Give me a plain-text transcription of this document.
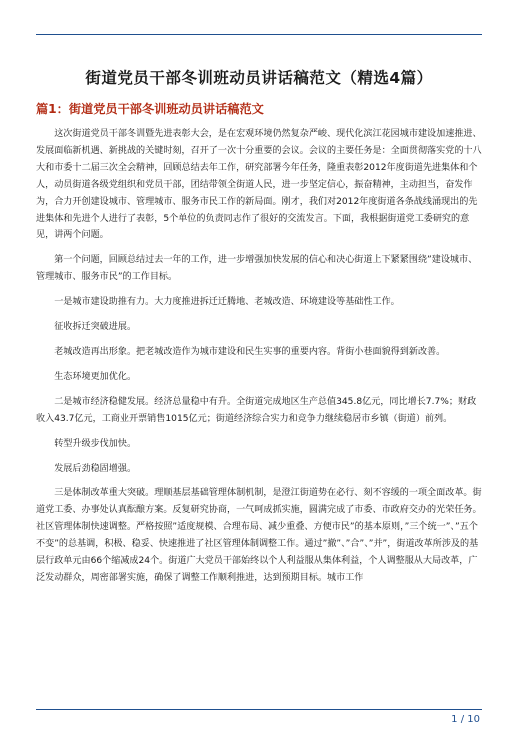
街道党员干部冬训班动员讲话稿范文（精选4篇）
篇1：街道党员干部冬训班动员讲话稿范文

这次街道党员干部冬训暨先进表彰大会，是在宏观环境仍然复杂严峻、现代化滨江花园城市建设加速推进、发展面临新机遇、新挑战的关键时刻，召开了一次十分重要的会议。会议的主要任务是：全面贯彻落实党的十八大和市委十二届三次全会精神，回顾总结去年工作，研究部署今年任务，隆重表彰2012年度街道先进集体和个人，动员街道各级党组织和党员干部，团结带领全街道人民，进一步坚定信心，振奋精神，主动担当，奋发作为，合力开创建设城市、管理城市、服务市民工作的新局面。刚才，我们对2012年度街道各条战线涌现出的先进集体和先进个人进行了表彰，5个单位的负责同志作了很好的交流发言。下面，我根据街道党工委研究的意见，讲两个问题。

第一个问题，回顾总结过去一年的工作，进一步增强加快发展的信心和决心街道上下紧紧围绕”建设城市、管理城市、服务市民”的工作目标。

一是城市建设助推有力。大力度推进拆迁迁腾地、老城改造、环境建设等基础性工作。

征收拆迁突破进展。

老城改造再出形象。把老城改造作为城市建设和民生实事的重要内容。背街小巷面貌得到新改善。

生态环境更加优化。

二是城市经济稳健发展。经济总量稳中有升。全街道完成地区生产总值345.8亿元，同比增长7.7%；财政收入43.7亿元，工商业开票销售1015亿元；街道经济综合实力和竞争力继续稳居市乡镇（街道）前列。

转型升级步伐加快。

发展后劲稳固增强。

三是体制改革重大突破。理顺基层基础管理体制机制，是澄江街道势在必行、刻不容缓的一项全面改革。街道党工委、办事处认真酝酿方案。反复研究协商，一气呵成抓实施，圆满完成了市委、市政府交办的光荣任务。社区管理体制快速调整。严格按照”适度规模、合理布局、减少重叠、方便市民”的基本原则，”三个统一”、”五个不变”的总基调，积极、稳妥、快速推进了社区管理体制调整工作。通过”撤”、”合”、”并”，街道改革所涉及的基层行政单元由66个缩减成24个。街道广大党员干部始终以个人利益服从集体利益，个人调整服从大局改革，广泛发动群众，周密部署实施，确保了调整工作顺利推进，达到预期目标。城市工作

1 / 10
